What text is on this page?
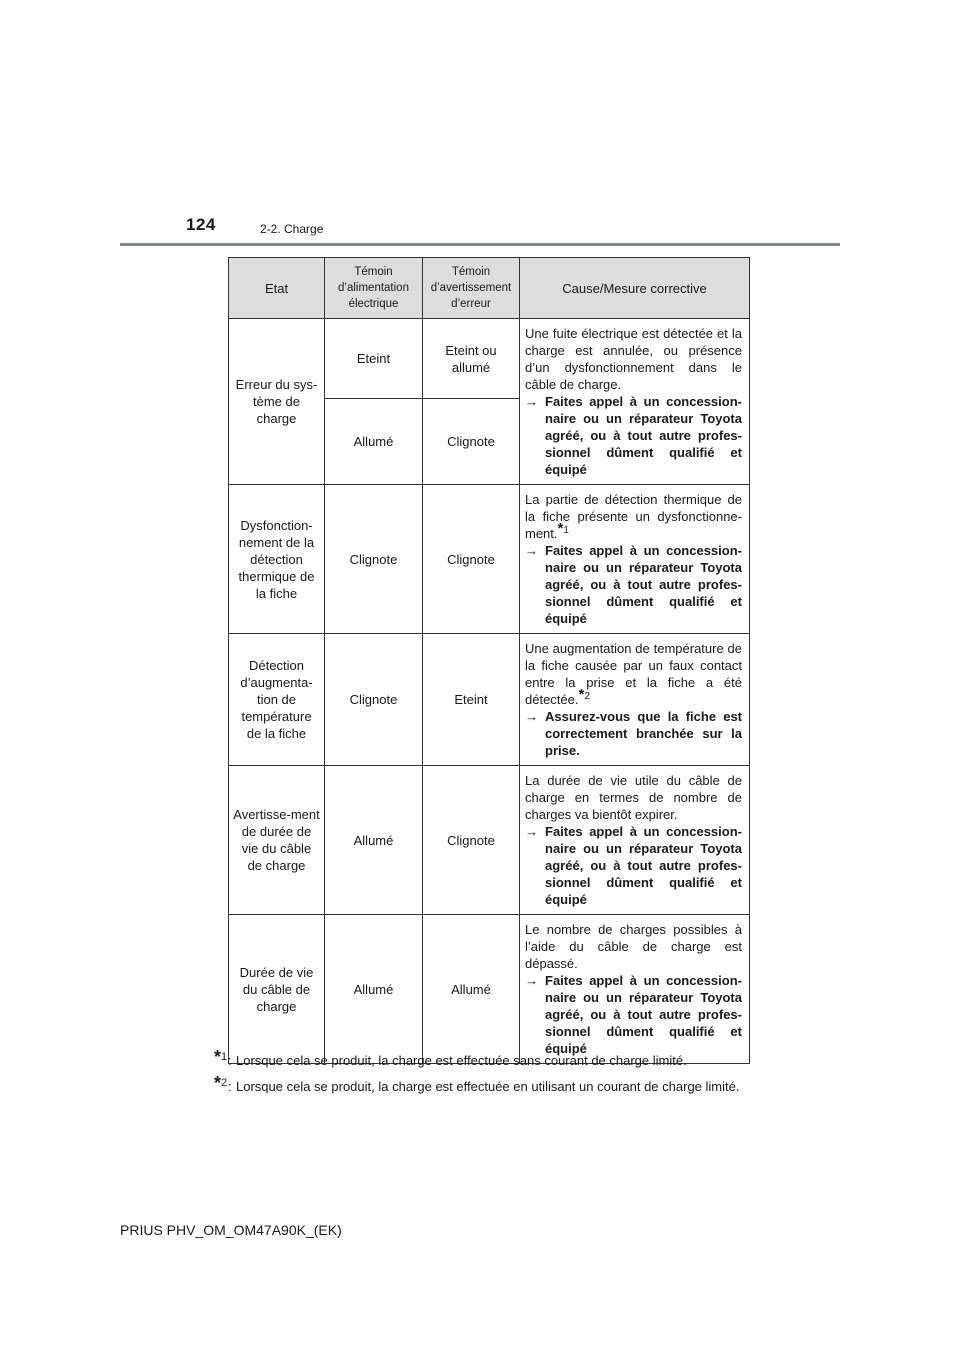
124	2-2. Charge
Etat	Témoin d’alimentation électrique	Témoin d’avertissement d’erreur	Cause/Mesure corrective
Erreur du sys-tème de charge	Eteint	Eteint ou allumé	Une fuite électrique est détectée et la charge est annulée, ou présence d’un dysfonctionnement dans le câble de charge.
→ Faites appel à un concession-naire ou un réparateur Toyota agréé, ou à tout autre profes-sionnel dûment qualifié et équipé

	Allumé	Clignote	
Dysfonction-nement de la détection thermique de la fiche	Clignote	Clignote	La partie de détection thermique de la fiche présente un dysfonctionne-ment.$^{*1}$
→ Faites appel à un concession-naire ou un réparateur Toyota agréé, ou à tout autre profes-sionnel dûment qualifié et équipé

Détection d’augmenta-tion de température de la fiche	Clignote	Eteint	Une augmentation de température de la fiche causée par un faux contact entre la prise et la fiche a été détectée.$^{*2}$
→ Assurez-vous que la fiche est correctement branchée sur la prise.

Avertisse-ment de durée de vie du câble de charge	Allumé	Clignote	La durée de vie utile du câble de charge en termes de nombre de charges va bientôt expirer.
→ Faites appel à un concession-naire ou un réparateur Toyota agréé, ou à tout autre profes-sionnel dûment qualifié et équipé

Durée de vie du câble de charge	Allumé	Allumé	Le nombre de charges possibles à l’aide du câble de charge est dépassé.
→ Faites appel à un concession-naire ou un réparateur Toyota agréé, ou à tout autre profes-sionnel dûment qualifié et équipé
*$^1$ : Lorsque cela se produit, la charge est effectuée sans courant de charge limité.
*$^2$ : Lorsque cela se produit, la charge est effectuée en utilisant un courant de charge limité.
PRIUS PHV_OM_OM47A90K_(EK)
